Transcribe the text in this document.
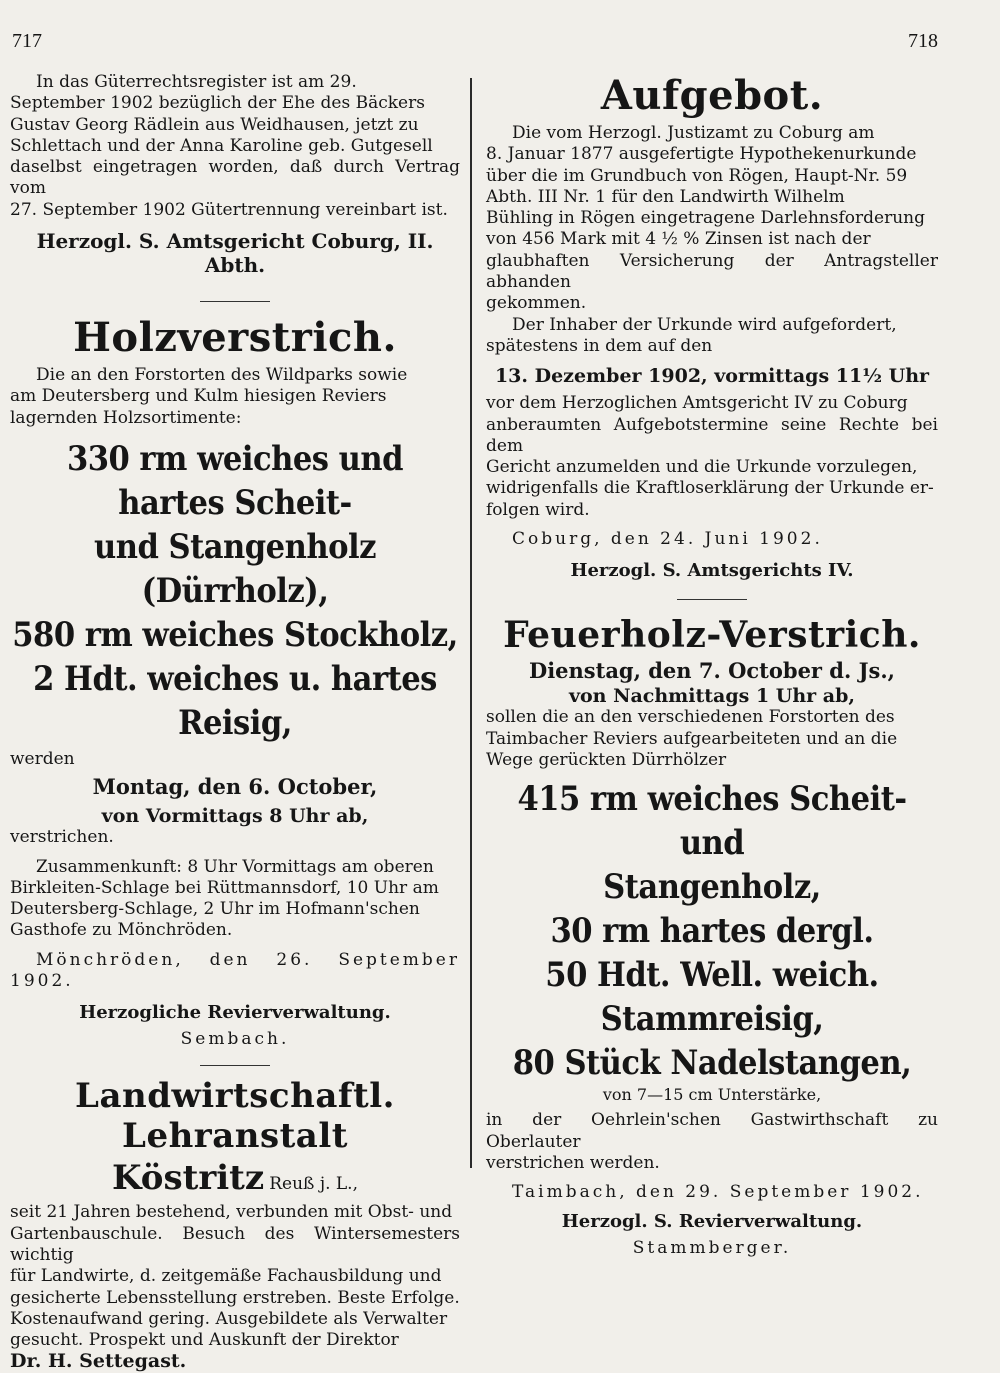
717	718

In das Güterrechtsregister ist am 29.

September 1902 bezüglich der Ehe des Bäckers

Gustav Georg Rädlein aus Weidhausen, jetzt zu

Schlettach und der Anna Karoline geb. Gutgesell

daselbst eingetragen worden, daß durch Vertrag vom

27. September 1902 Gütertrennung vereinbart ist.

Herzogl. S. Amtsgericht Coburg, II. Abth.

Holzverstrich.

Die an den Forstorten des Wildparks sowie

am Deutersberg und Kulm hiesigen Reviers

lagernden Holzsortimente:

330 rm weiches und hartes Scheit-

und Stangenholz (Dürrholz),

580 rm weiches Stockholz,

2 Hdt. weiches u. hartes Reisig,

werden

Montag, den 6. October,

von Vormittags 8 Uhr ab,

verstrichen.

Zusammenkunft: 8 Uhr Vormittags am oberen

Birkleiten-Schlage bei Rüttmannsdorf, 10 Uhr am

Deutersberg-Schlage, 2 Uhr im Hofmann'schen

Gasthofe zu Mönchröden.

Mönchröden, den 26. September 1902.

Herzogliche Revierverwaltung.

Sembach.

Landwirtschaftl. Lehranstalt

Köstritz Reuß j. L.,

seit 21 Jahren bestehend, verbunden mit Obst- und

Gartenbauschule. Besuch des Wintersemesters wichtig

für Landwirte, d. zeitgemäße Fachausbildung und

gesicherte Lebensstellung erstreben. Beste Erfolge.

Kostenaufwand gering. Ausgebildete als Verwalter

gesucht. Prospekt und Auskunft der Direktor

Dr. H. Settegast.

Aufgebot.

Die vom Herzogl. Justizamt zu Coburg am

8. Januar 1877 ausgefertigte Hypothekenurkunde

über die im Grundbuch von Rögen, Haupt-Nr. 59

Abth. III Nr. 1 für den Landwirth Wilhelm

Bühling in Rögen eingetragene Darlehnsforderung

von 456 Mark mit 4 ½ % Zinsen ist nach der

glaubhaften Versicherung der Antragsteller abhanden

gekommen.

Der Inhaber der Urkunde wird aufgefordert,

spätestens in dem auf den

13. Dezember 1902, vormittags 11½ Uhr

vor dem Herzoglichen Amtsgericht IV zu Coburg

anberaumten Aufgebotstermine seine Rechte bei dem

Gericht anzumelden und die Urkunde vorzulegen,

widrigenfalls die Kraftloserklärung der Urkunde er-

folgen wird.

Coburg, den 24. Juni 1902.

Herzogl. S. Amtsgerichts IV.

Feuerholz-Verstrich.

Dienstag, den 7. October d. Js.,

von Nachmittags 1 Uhr ab,

sollen die an den verschiedenen Forstorten des

Taimbacher Reviers aufgearbeiteten und an die

Wege gerückten Dürrhölzer

415 rm weiches Scheit- und

Stangenholz,

30 rm hartes dergl.

50 Hdt. Well. weich. Stammreisig,

80 Stück Nadelstangen,

von 7—15 cm Unterstärke,

in der Oehrlein'schen Gastwirthschaft zu Oberlauter

verstrichen werden.

Taimbach, den 29. September 1902.

Herzogl. S. Revierverwaltung.

Stammberger.
